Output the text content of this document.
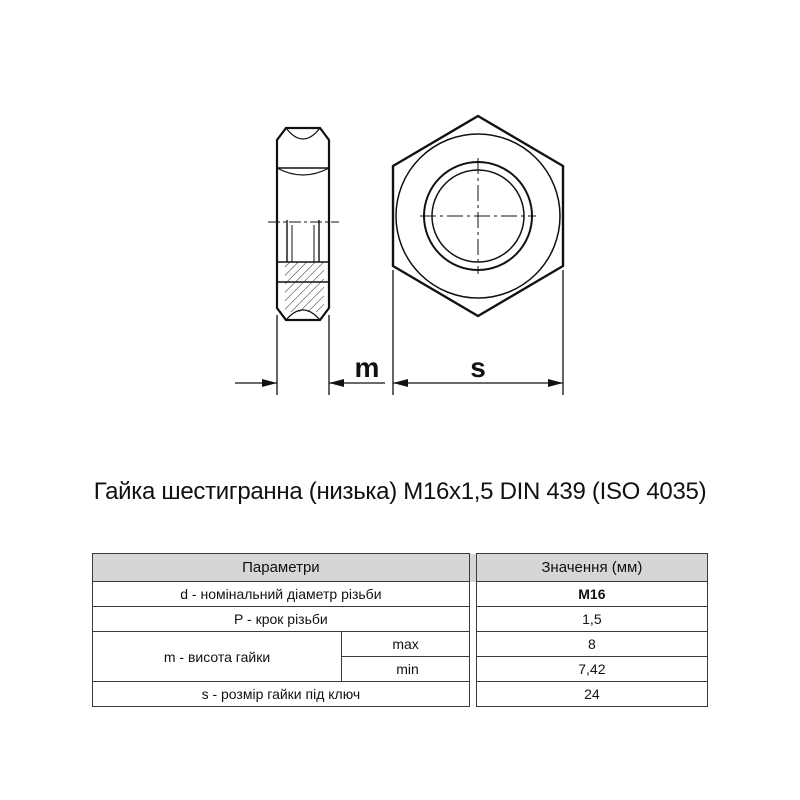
m	s
Гайка шестигранна (низька) M16x1,5 DIN 439 (ISO 4035)
Параметри			Значення (мм)
d - номінальний діаметр різьби			M16
P - крок різьби			1,5
m - висота гайки	max		8
	min		7,42
s - розмір гайки під ключ			24
